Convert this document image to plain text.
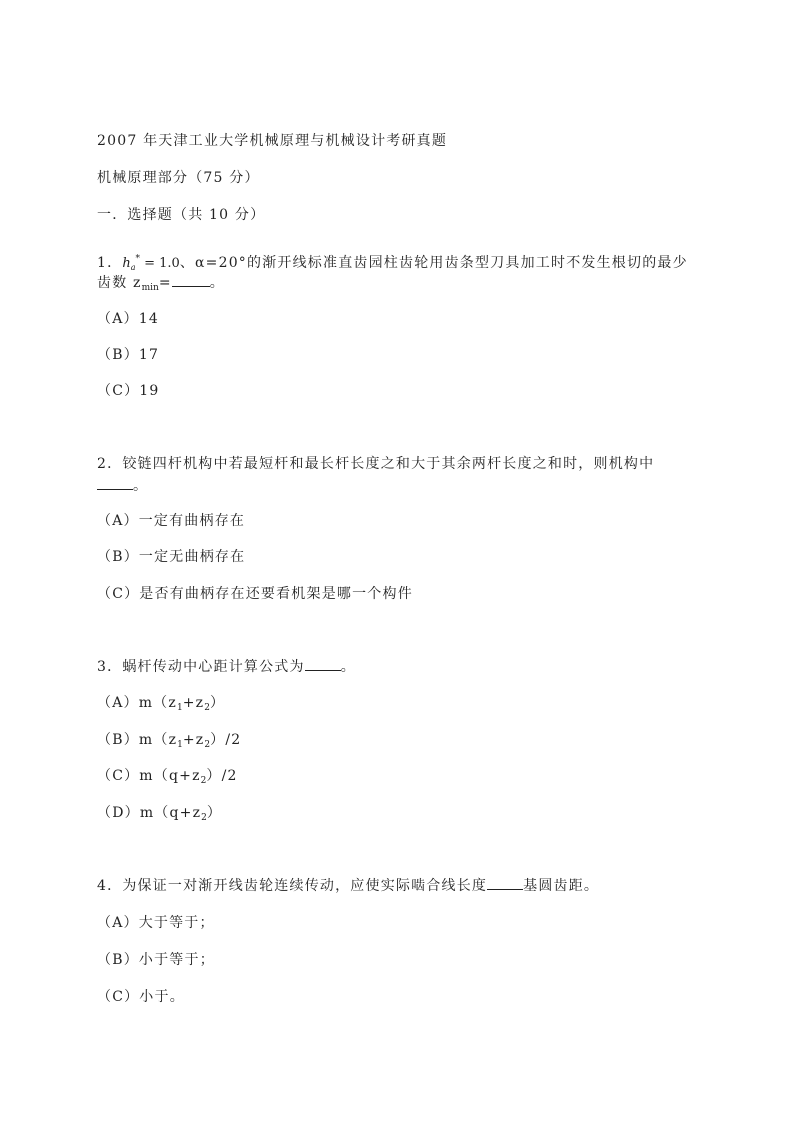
2007 年天津工业大学机械原理与机械设计考研真题
机械原理部分（75 分）
一．选择题（共 10 分）
1．$h_a^* = 1.0$、α=20°的渐开线标准直齿园柱齿轮用齿条型刀具加工时不发生根切的最少
齿数 $z_{min}=$	。
（A）14
（B）17
（C）19
2．铰链四杆机构中若最短杆和最长杆长度之和大于其余两杆长度之和时，则机构中
。
（A）一定有曲柄存在
（B）一定无曲柄存在
（C）是否有曲柄存在还要看机架是哪一个构件
3．蜗杆传动中心距计算公式为	。
$(A)m(z_1+z_2)$
$(B)m(z_1+z_2)/2$
$(C)m(q+z_2)/2$
$(D)m(q+z_2)$
4．为保证一对渐开线齿轮连续传动，应使实际啮合线长度	基圆齿距。
（A）大于等于；
（B）小于等于；
（C）小于。
